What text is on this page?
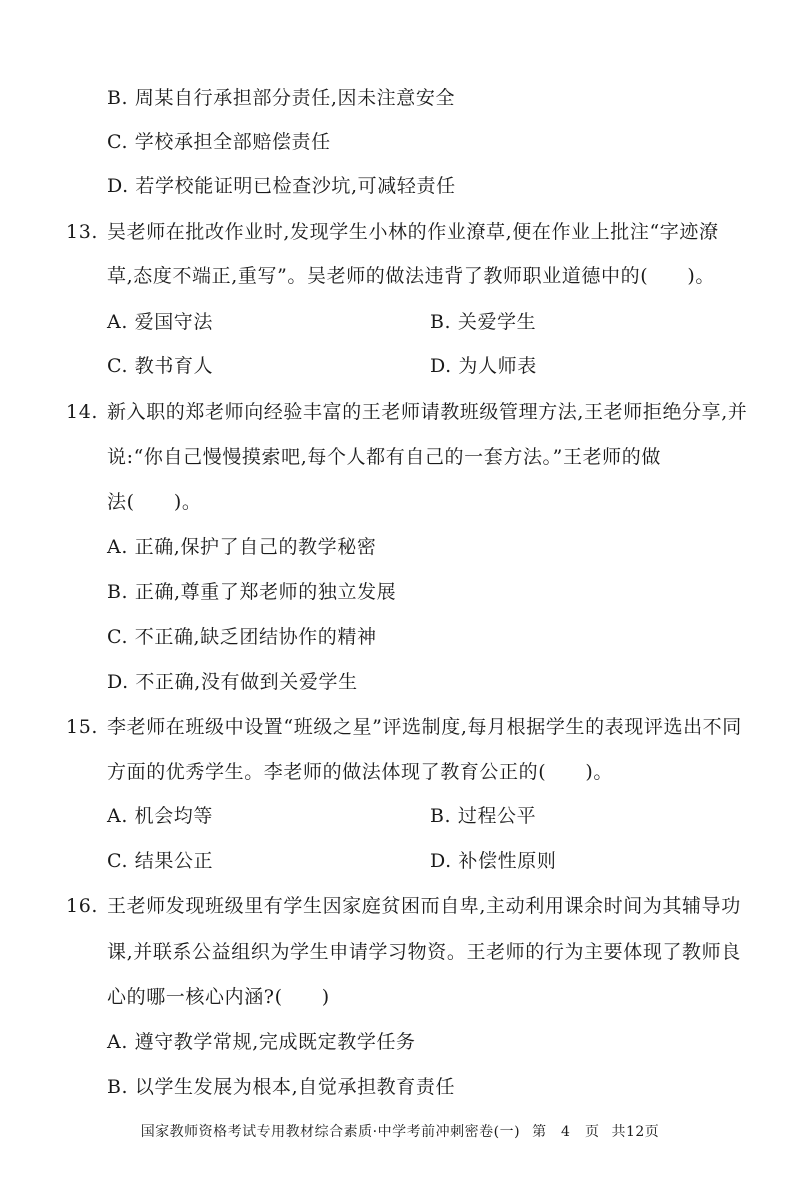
B. 周某自行承担部分责任,因未注意安全
C. 学校承担全部赔偿责任
D. 若学校能证明已检查沙坑,可减轻责任
13. 吴老师在批改作业时,发现学生小林的作业潦草,便在作业上批注“字迹潦
草,态度不端正,重写”。吴老师的做法违背了教师职业道德中的(　　)。
A. 爱国守法	B. 关爱学生
C. 教书育人	D. 为人师表
14. 新入职的郑老师向经验丰富的王老师请教班级管理方法,王老师拒绝分享,并
说:“你自己慢慢摸索吧,每个人都有自己的一套方法。”王老师的做
法(　　)。
A. 正确,保护了自己的教学秘密
B. 正确,尊重了郑老师的独立发展
C. 不正确,缺乏团结协作的精神
D. 不正确,没有做到关爱学生
15. 李老师在班级中设置“班级之星”评选制度,每月根据学生的表现评选出不同
方面的优秀学生。李老师的做法体现了教育公正的(　　)。
A. 机会均等	B. 过程公平
C. 结果公正	D. 补偿性原则
16. 王老师发现班级里有学生因家庭贫困而自卑,主动利用课余时间为其辅导功
课,并联系公益组织为学生申请学习物资。王老师的行为主要体现了教师良
心的哪一核心内涵?(　　)
A. 遵守教学常规,完成既定教学任务
B. 以学生发展为根本,自觉承担教育责任
国家教师资格考试专用教材综合素质·中学考前冲刺密卷(一) 第　4　页 共12页
